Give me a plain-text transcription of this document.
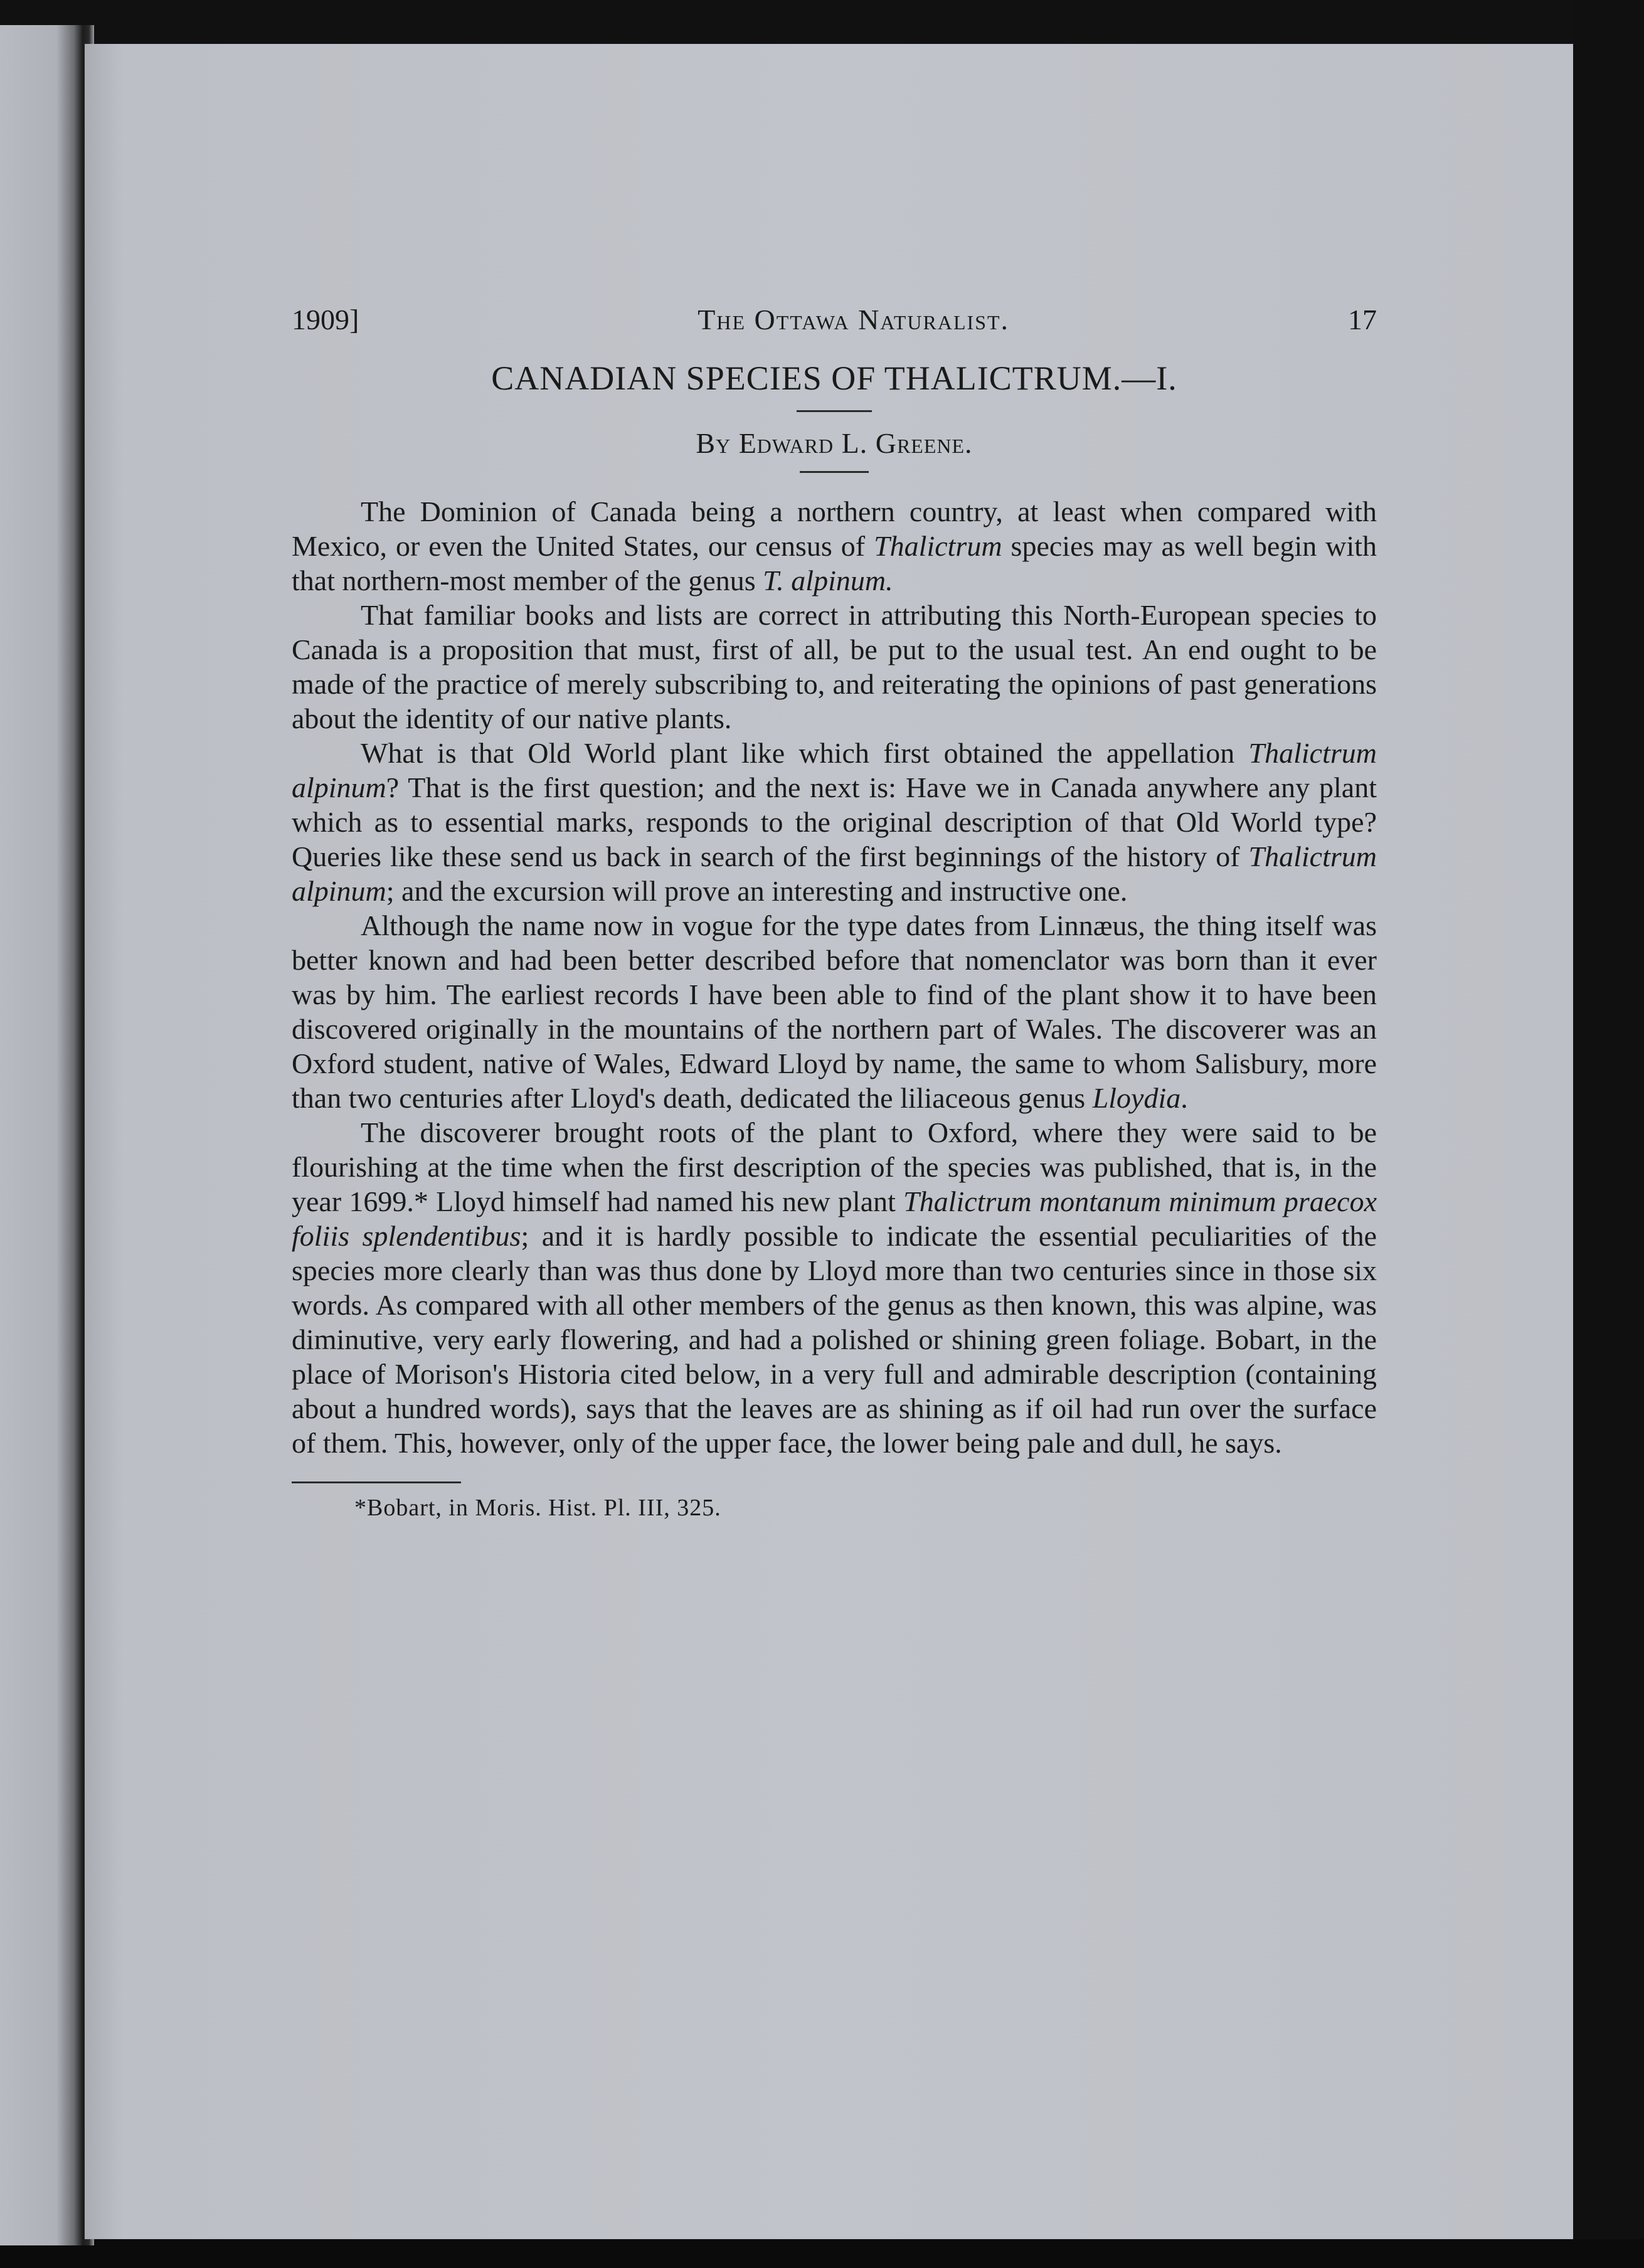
1909]	The Ottawa Naturalist.	17
CANADIAN SPECIES OF THALICTRUM.—I.
By Edward L. Greene.

The Dominion of Canada being a northern country, at least when compared with Mexico, or even the United States, our census of Thalictrum species may as well begin with that northern-most member of the genus T. alpinum.

That familiar books and lists are correct in attributing this North-European species to Canada is a proposition that must, first of all, be put to the usual test. An end ought to be made of the practice of merely subscribing to, and reiterating the opinions of past generations about the identity of our native plants.

What is that Old World plant like which first obtained the appellation Thalictrum alpinum? That is the first question; and the next is: Have we in Canada anywhere any plant which as to essential marks, responds to the original description of that Old World type? Queries like these send us back in search of the first beginnings of the history of Thalictrum alpinum; and the excursion will prove an interesting and instructive one.

Although the name now in vogue for the type dates from Linnæus, the thing itself was better known and had been better described before that nomenclator was born than it ever was by him. The earliest records I have been able to find of the plant show it to have been discovered originally in the mountains of the northern part of Wales. The discoverer was an Oxford student, native of Wales, Edward Lloyd by name, the same to whom Salisbury, more than two centuries after Lloyd's death, dedicated the liliaceous genus Lloydia.

The discoverer brought roots of the plant to Oxford, where they were said to be flourishing at the time when the first description of the species was published, that is, in the year 1699.* Lloyd himself had named his new plant Thalictrum montanum minimum praecox foliis splendentibus; and it is hardly possible to indicate the essential peculiarities of the species more clearly than was thus done by Lloyd more than two centuries since in those six words. As compared with all other members of the genus as then known, this was alpine, was diminutive, very early flowering, and had a polished or shining green foliage. Bobart, in the place of Morison's Historia cited below, in a very full and admirable description (containing about a hundred words), says that the leaves are as shining as if oil had run over the surface of them. This, however, only of the upper face, the lower being pale and dull, he says.

*Bobart, in Moris. Hist. Pl. III, 325.
